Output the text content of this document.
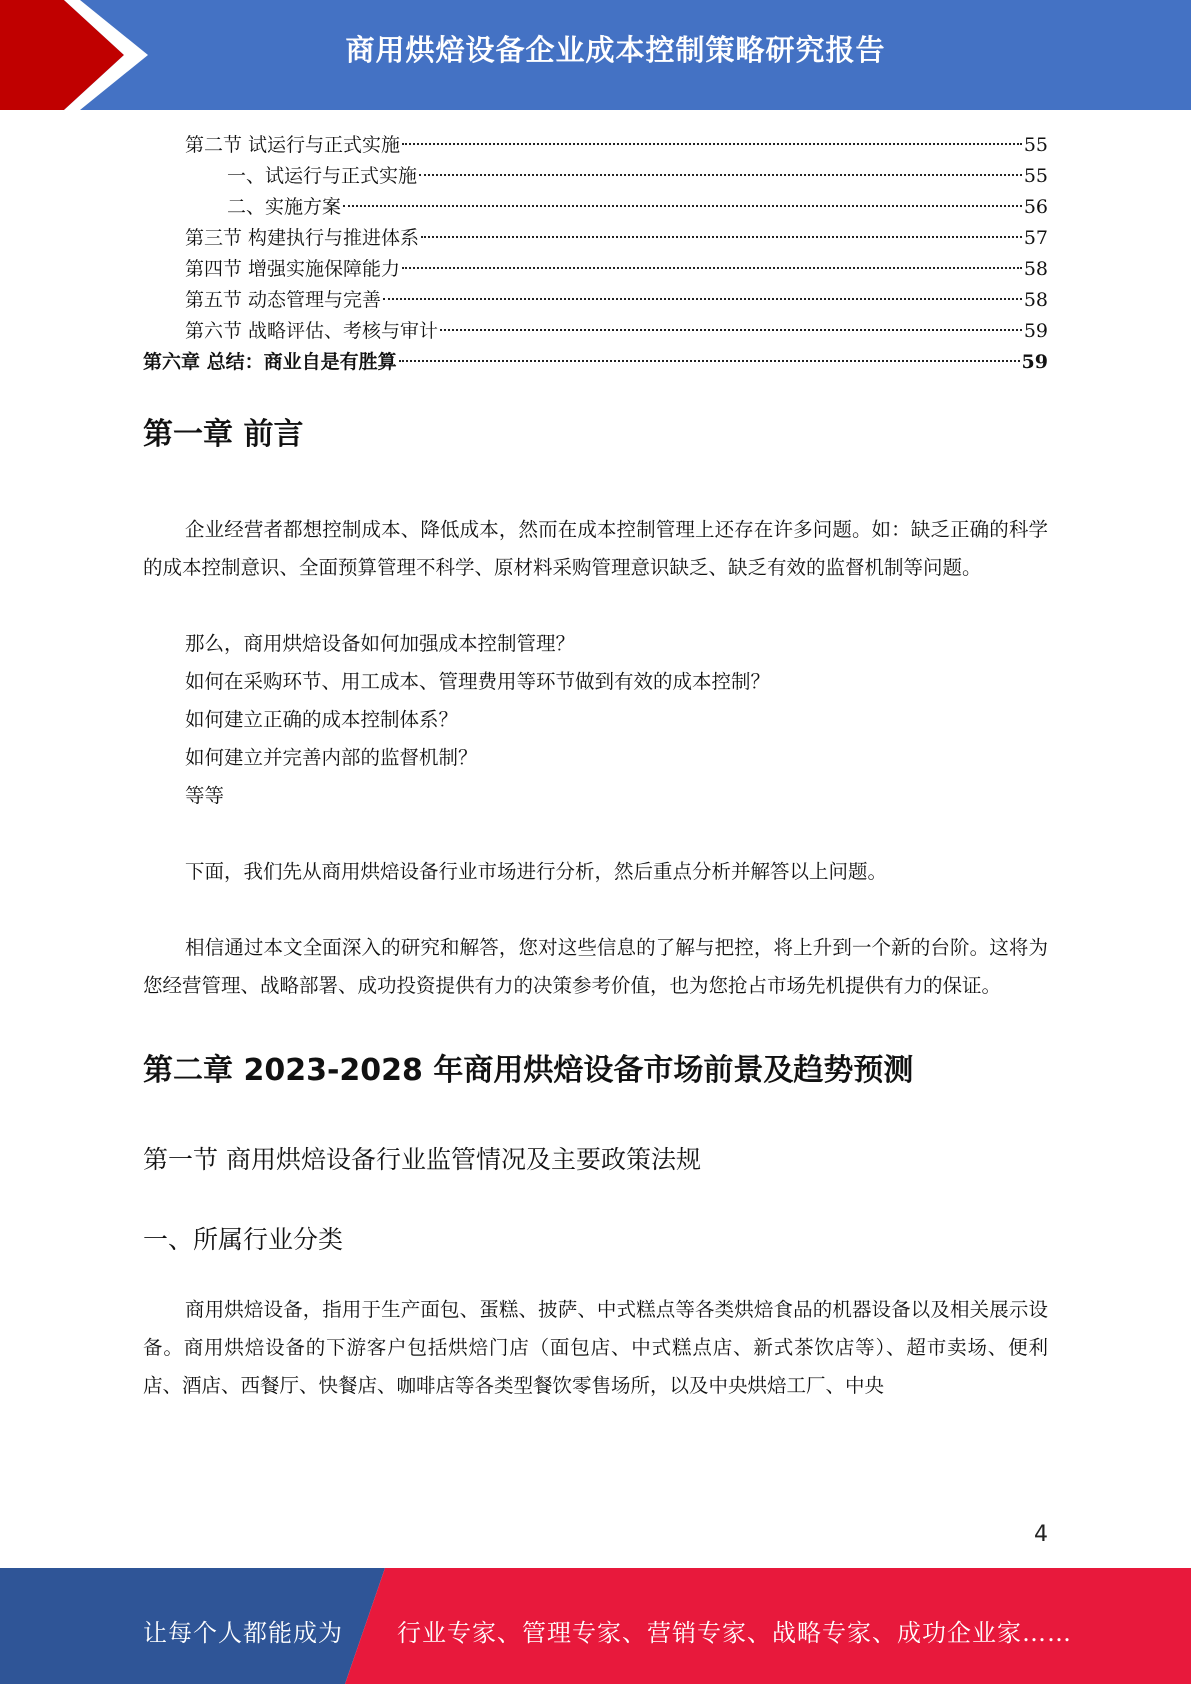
商用烘焙设备企业成本控制策略研究报告
第二节 试运行与正式实施	55
一、试运行与正式实施	55
二、实施方案	56
第三节 构建执行与推进体系	57
第四节 增强实施保障能力	58
第五节 动态管理与完善	58
第六节 战略评估、考核与审计	59
第六章 总结：商业自是有胜算	59
第一章 前言

企业经营者都想控制成本、降低成本，然而在成本控制管理上还存在许多问题。如：缺乏正确的科学的成本控制意识、全面预算管理不科学、原材料采购管理意识缺乏、缺乏有效的监督机制等问题。

那么，商用烘焙设备如何加强成本控制管理？

如何在采购环节、用工成本、管理费用等环节做到有效的成本控制？

如何建立正确的成本控制体系？

如何建立并完善内部的监督机制？

等等

下面，我们先从商用烘焙设备行业市场进行分析，然后重点分析并解答以上问题。

相信通过本文全面深入的研究和解答，您对这些信息的了解与把控，将上升到一个新的台阶。这将为您经营管理、战略部署、成功投资提供有力的决策参考价值，也为您抢占市场先机提供有力的保证。

第二章 2023-2028 年商用烘焙设备市场前景及趋势预测
第一节 商用烘焙设备行业监管情况及主要政策法规
一、所属行业分类

商用烘焙设备，指用于生产面包、蛋糕、披萨、中式糕点等各类烘焙食品的机器设备以及相关展示设备。商用烘焙设备的下游客户包括烘焙门店（面包店、中式糕点店、新式茶饮店等）、超市卖场、便利店、酒店、西餐厅、快餐店、咖啡店等各类型餐饮零售场所，以及中央烘焙工厂、中央

4
让每个人都能成为 行业专家、管理专家、营销专家、战略专家、成功企业家……
